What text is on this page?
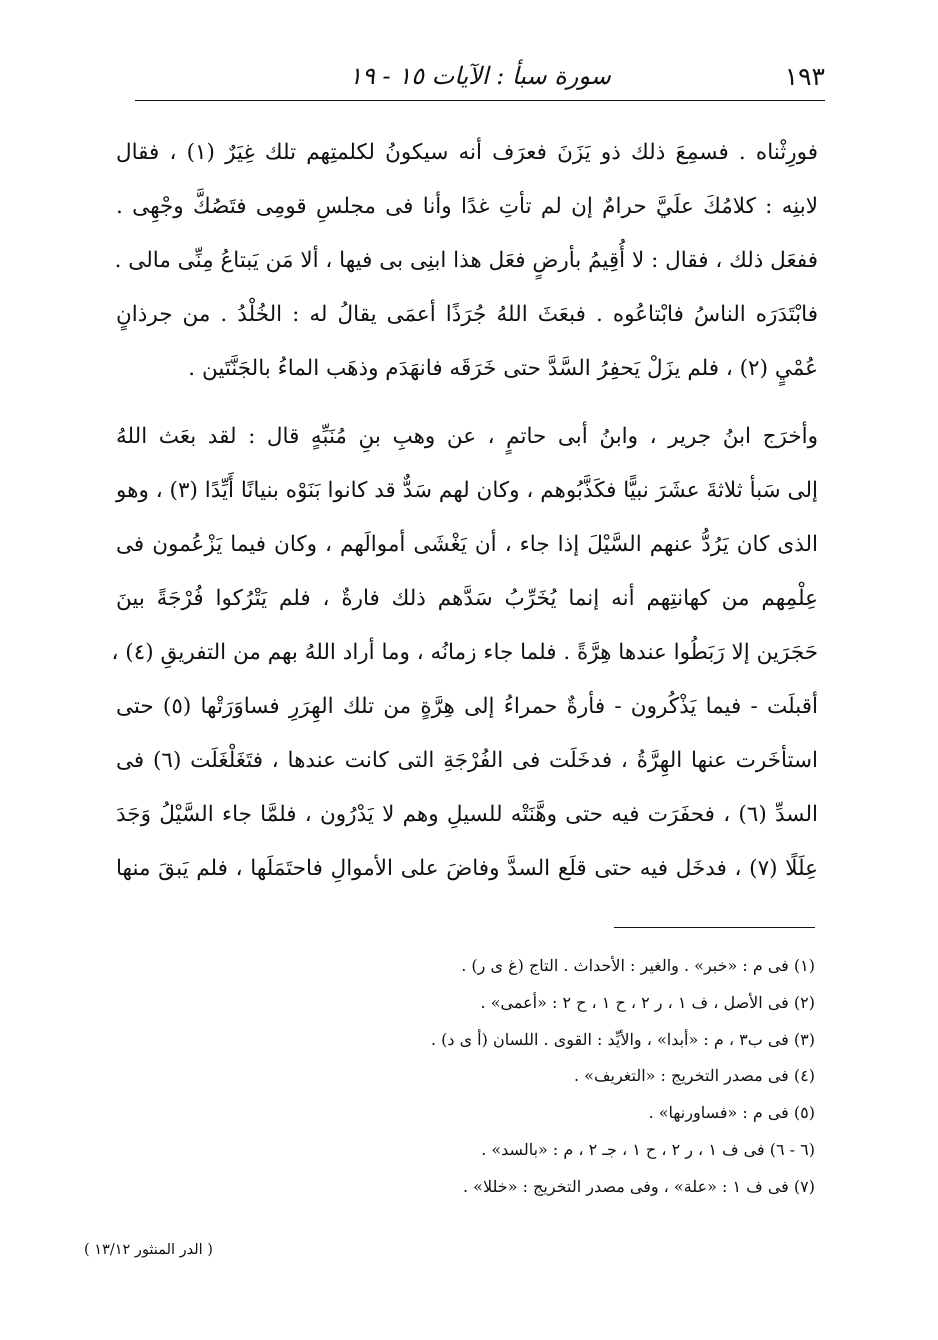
١٩٣
سورة سبأ : الآيات ١٥ - ١٩
فورِثْناه . فسمِعَ ذلك ذو يَزَنَ فعرَف أنه سيكونُ لكلمتِهم تلك غِيَرٌ (١) ، فقال
لابنِه : كلامُكَ علَيَّ حرامٌ إن لم تأتِ غدًا وأنا فى مجلسِ قومِى فتَصُكَّ وجْهِى .
ففعَل ذلك ، فقال : لا أُقِيمُ بأرضٍ فعَل هذا ابنِى بى فيها ، ألا مَن يَبتاعُ مِنِّى مالى .
فابْتَدَرَه الناسُ فابْتاعُوه . فبعَثَ اللهُ جُرَذًا أعمَى يقالُ له : الخُلْدُ . من جرذانٍ
عُمْيٍ (٢) ، فلم يزَلْ يَحفِرُ السَّدَّ حتى خَرَقَه فانهَدَم وذهَب الماءُ بالجَنَّتَين .
وأخرَج ابنُ جرير ، وابنُ أبى حاتمٍ ، عن وهبِ بنِ مُنَبِّهٍ قال : لقد بعَث اللهُ
إلى سَبأ ثلاثةَ عشَرَ نبيًّا فكَذَّبُوهم ، وكان لهم سَدٌّ قد كانوا بَنَوْه بنيانًا أَيِّدًا (٣) ، وهو
الذى كان يَرُدُّ عنهم السَّيْلَ إذا جاء ، أن يَغْشَى أموالَهم ، وكان فيما يَزْعُمون فى
عِلْمِهم من كهانتِهم أنه إنما يُخَرِّبُ سَدَّهم ذلك فارةٌ ، فلم يَتْرُكوا فُرْجَةً بينَ
حَجَرَين إلا رَبَطُوا عندها هِرَّةً . فلما جاء زمانُه ، وما أراد اللهُ بهم من التفريقِ (٤) ،
أقبلَت - فيما يَذْكُرون - فأرةٌ حمراءُ إلى هِرَّةٍ من تلك الهِرَرِ فساوَرَتْها (٥) حتى
استأخَرت عنها الهِرَّةُ ، فدخَلَت فى الفُرْجَةِ التى كانت عندها ، فتَغَلْغَلَت (٦) فى
السدِّ (٦) ، فحفَرَت فيه حتى وهَّنَتْه للسيلِ وهم لا يَدْرُون ، فلمَّا جاء السَّيْلُ وَجَدَ
عِلَلًا (٧) ، فدخَل فيه حتى قلَع السدَّ وفاضَ على الأموالِ فاحتَمَلَها ، فلم يَبقَ منها
(١) فى م : «خبر» . والغير : الأحداث . التاج (غ ى ر) .
(٢) فى الأصل ، ف ١ ، ر ٢ ، ح ١ ، ح ٢ : «أعمى» .
(٣) فى ب٣ ، م : «أبدا» ، والأيِّد : القوى . اللسان (أ ى د) .
(٤) فى مصدر التخريج : «التغريف» .
(٥) فى م : «فساورنها» .
(٦ - ٦) فى ف ١ ، ر ٢ ، ح ١ ، جـ ٢ ، م : «بالسد» .
(٧) فى ف ١ : «علة» ، وفى مصدر التخريج : «خللا» .
( الدر المنثور ١٣/١٢ )
